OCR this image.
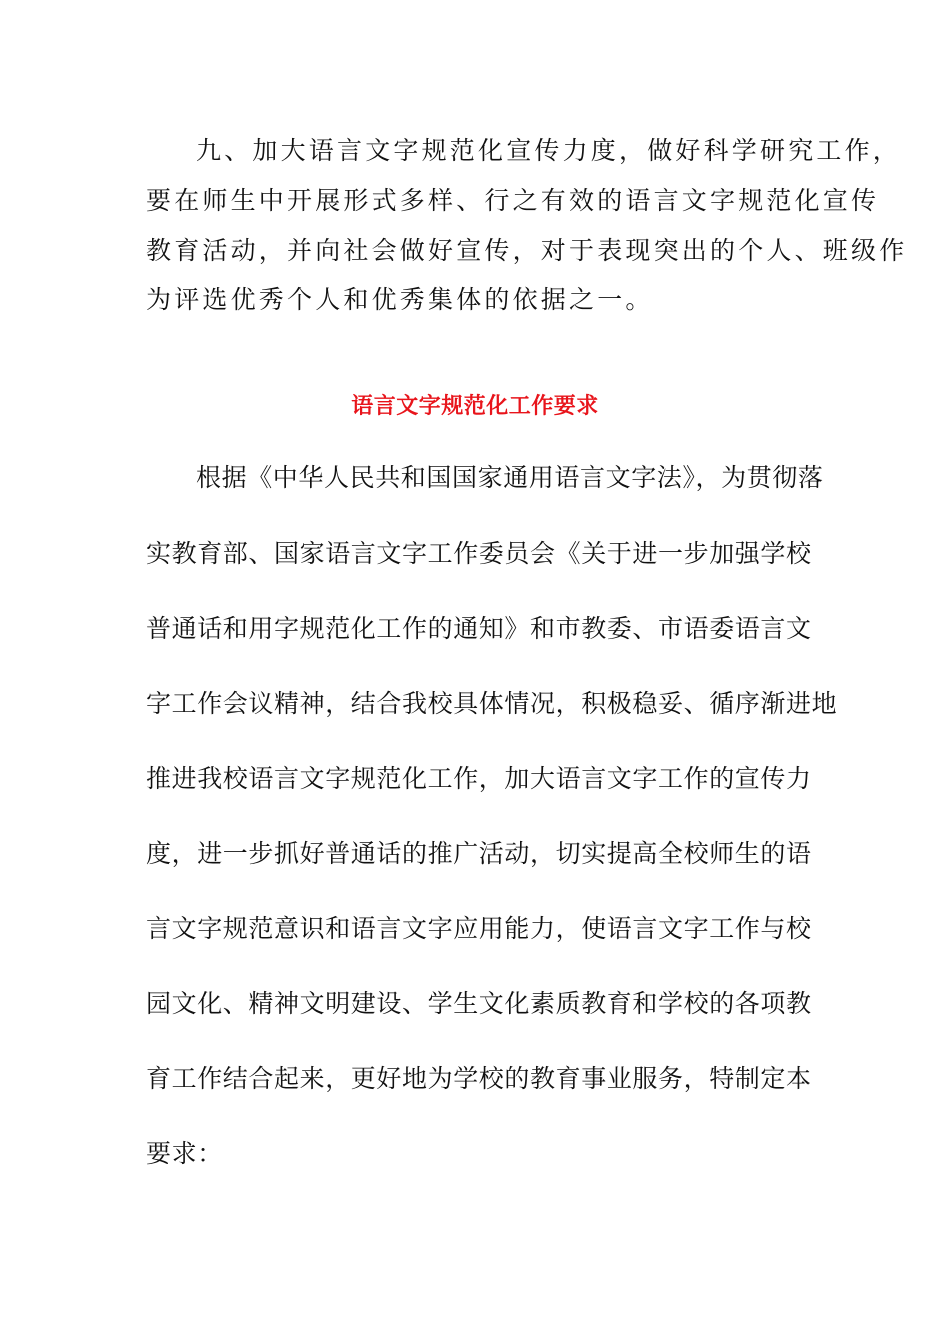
九、加大语言文字规范化宣传力度，做好科学研究工作，
要在师生中开展形式多样、行之有效的语言文字规范化宣传
教育活动，并向社会做好宣传，对于表现突出的个人、班级作
为评选优秀个人和优秀集体的依据之一。
语言文字规范化工作要求
根据《中华人民共和国国家通用语言文字法》，为贯彻落
实教育部、国家语言文字工作委员会《关于进一步加强学校
普通话和用字规范化工作的通知》和市教委、市语委语言文
字工作会议精神，结合我校具体情况，积极稳妥、循序渐进地
推进我校语言文字规范化工作，加大语言文字工作的宣传力
度，进一步抓好普通话的推广活动，切实提高全校师生的语
言文字规范意识和语言文字应用能力，使语言文字工作与校
园文化、精神文明建设、学生文化素质教育和学校的各项教
育工作结合起来，更好地为学校的教育事业服务，特制定本
要求：
